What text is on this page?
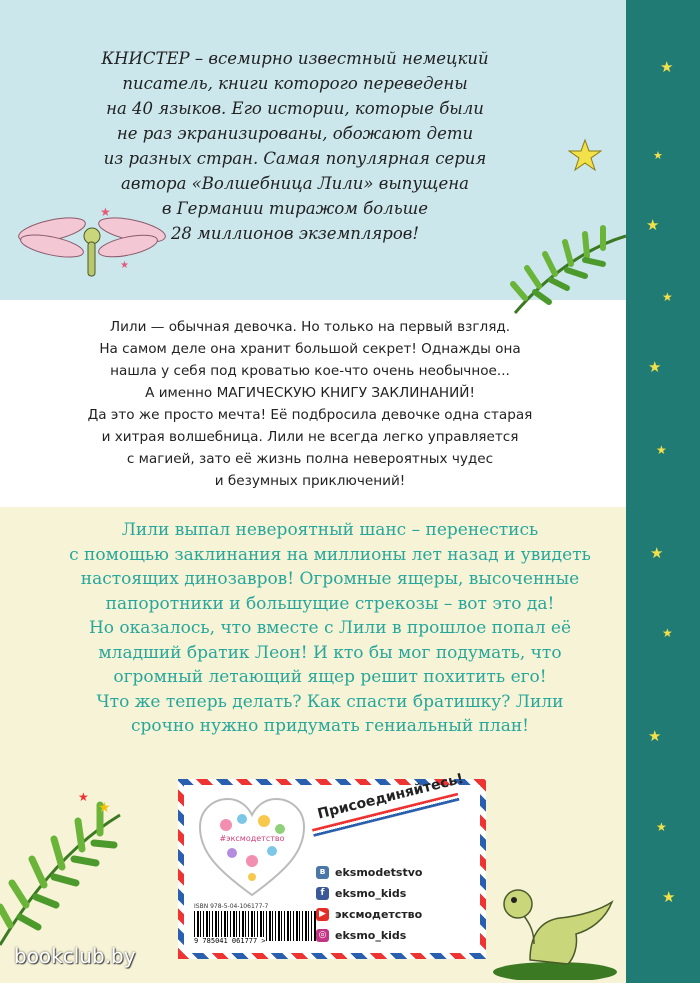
★
★
★
★
★
★
★
★
★
★
★
★
★
★
★
КНИСТЕР – всемирно известный немецкий
писатель, книги которого переведены
на 40 языков. Его истории, которые были
не раз экранизированы, обожают дети
из разных стран. Самая популярная серия
автора «Волшебница Лили» выпущена
в Германии тиражом больше
28 миллионов экземпляров!
Лили — обычная девочка. Но только на первый взгляд.
На самом деле она хранит большой секрет! Однажды она
нашла у себя под кроватью кое-что очень необычное...
А именно МАГИЧЕСКУЮ КНИГУ ЗАКЛИНАНИЙ!
Да это же просто мечта! Её подбросила девочке одна старая
и хитрая волшебница. Лили не всегда легко управляется
с магией, зато её жизнь полна невероятных чудес
и безумных приключений!
Лили выпал невероятный шанс – перенестись
с помощью заклинания на миллионы лет назад и увидеть
настоящих динозавров! Огромные ящеры, высоченные
папоротники и большущие стрекозы – вот это да!
Но оказалось, что вместе с Лили в прошлое попал её
младший братик Леон! И кто бы мог подумать, что
огромный летающий ящер решит похитить его!
Что же теперь делать? Как спасти братишку? Лили
срочно нужно придумать гениальный план!
#эксмодетство
Присоединяйтесь!
в eksmodetstvo
f eksmo_kids
▶ эксмодетство
◎ eksmo_kids
ISBN 978-5-04-106177-7
9 785041 061777 >
bookclub.by
